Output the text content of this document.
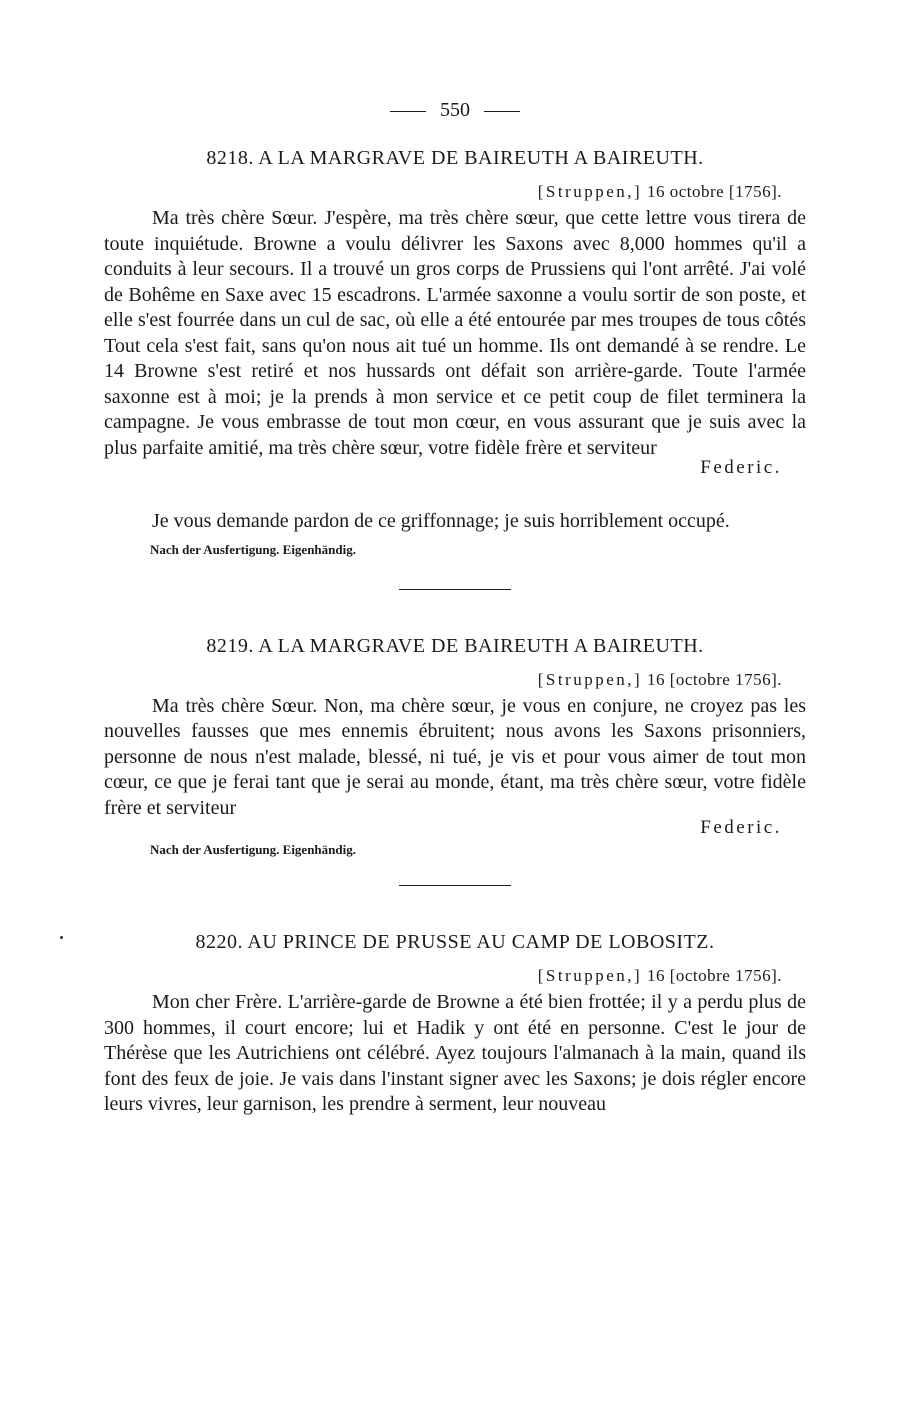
550
8218. A LA MARGRAVE DE BAIREUTH A BAIREUTH.
[Struppen,] 16 octobre [1756].

Ma très chère Sœur. J'espère, ma très chère sœur, que cette lettre vous tirera de toute inquiétude. Browne a voulu délivrer les Saxons avec 8,000 hommes qu'il a conduits à leur secours. Il a trouvé un gros corps de Prussiens qui l'ont arrêté. J'ai volé de Bohême en Saxe avec 15 escadrons. L'armée saxonne a voulu sortir de son poste, et elle s'est fourrée dans un cul de sac, où elle a été entourée par mes troupes de tous côtés Tout cela s'est fait, sans qu'on nous ait tué un homme. Ils ont demandé à se rendre. Le 14 Browne s'est retiré et nos hussards ont défait son arrière-garde. Toute l'armée saxonne est à moi; je la prends à mon service et ce petit coup de filet terminera la campagne. Je vous embrasse de tout mon cœur, en vous assurant que je suis avec la plus parfaite amitié, ma très chère sœur, votre fidèle frère et serviteur

Federic.

Je vous demande pardon de ce griffonnage; je suis horriblement occupé.

Nach der Ausfertigung. Eigenhändig.
8219. A LA MARGRAVE DE BAIREUTH A BAIREUTH.
[Struppen,] 16 [octobre 1756].

Ma très chère Sœur. Non, ma chère sœur, je vous en conjure, ne croyez pas les nouvelles fausses que mes ennemis ébruitent; nous avons les Saxons prisonniers, personne de nous n'est malade, blessé, ni tué, je vis et pour vous aimer de tout mon cœur, ce que je ferai tant que je serai au monde, étant, ma très chère sœur, votre fidèle frère et serviteur

Federic.
Nach der Ausfertigung. Eigenhändig.
8220. AU PRINCE DE PRUSSE AU CAMP DE LOBOSITZ.
[Struppen,] 16 [octobre 1756].

Mon cher Frère. L'arrière-garde de Browne a été bien frottée; il y a perdu plus de 300 hommes, il court encore; lui et Hadik y ont été en personne. C'est le jour de Thérèse que les Autrichiens ont célébré. Ayez toujours l'almanach à la main, quand ils font des feux de joie. Je vais dans l'instant signer avec les Saxons; je dois régler encore leurs vivres, leur garnison, les prendre à serment, leur nouveau
